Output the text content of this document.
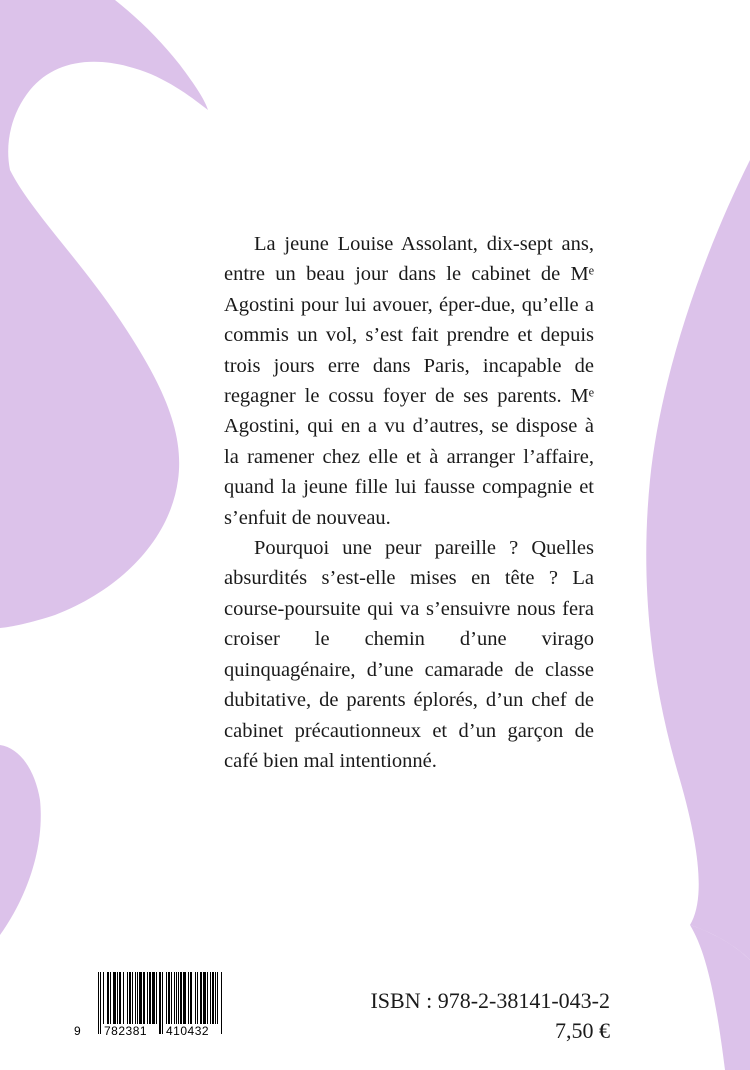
La jeune Louise Assolant, dix-sept ans, entre un beau jour dans le cabinet de Mᵉ Agostini pour lui avouer, éper-due, qu’elle a commis un vol, s’est fait prendre et depuis trois jours erre dans Paris, incapable de regagner le cossu foyer de ses parents. Mᵉ Agostini, qui en a vu d’autres, se dispose à la ramener chez elle et à arranger l’affaire, quand la jeune fille lui fausse compagnie et s’enfuit de nouveau.

Pourquoi une peur pareille ? Quelles absurdités s’est-elle mises en tête ? La course-poursuite qui va s’ensuivre nous fera croiser le chemin d’une virago quinquagénaire, d’une camarade de classe dubitative, de parents éplorés, d’un chef de cabinet précautionneux et d’un garçon de café bien mal intentionné.

9 782381 410432
ISBN : 978-2-38141-043-2
7,50 €
